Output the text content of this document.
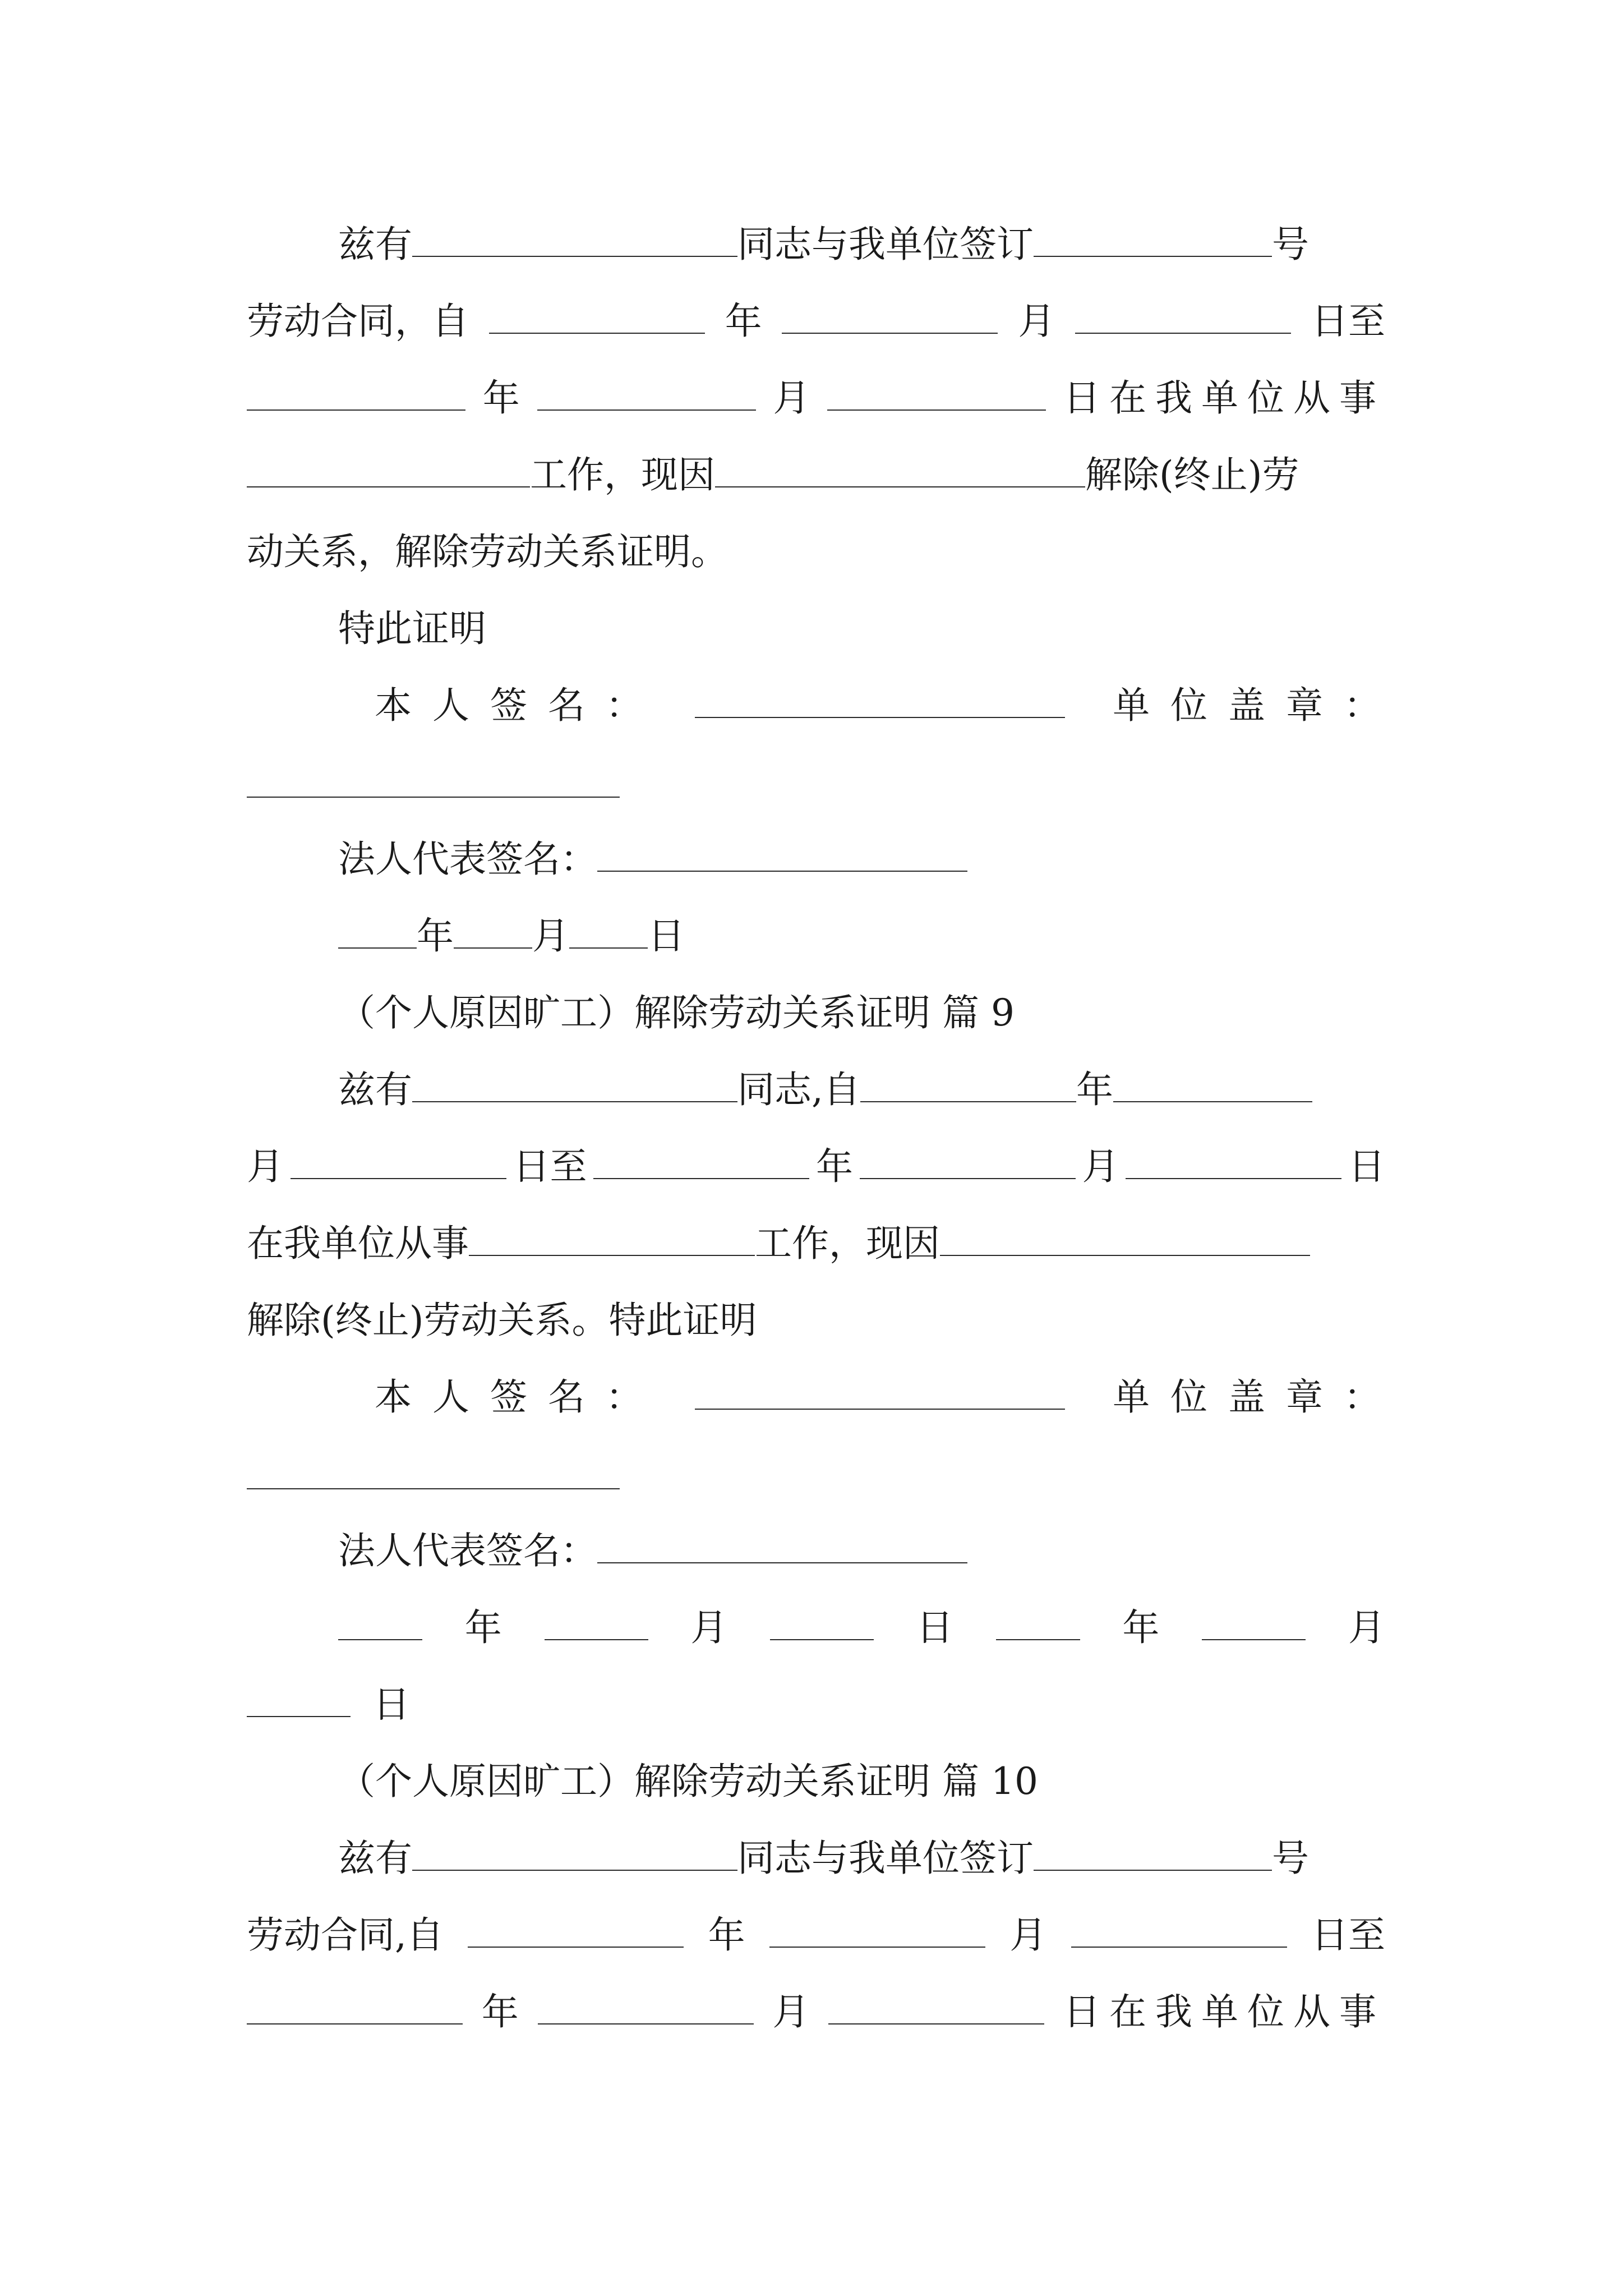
兹有	同志与我单位签订	号
劳动合同，自	年	月	日至
年	月	日在我单位从事
工作，现因	解除(终止)劳
动关系，解除劳动关系证明。
特此证明
本 人 签 名 ：	单 位 盖 章 ：
法人代表签名：
年 月 日
（个人原因旷工）解除劳动关系证明 篇 9
兹有	同志,自	年
月	日至	年	月	日
在我单位从事	工作，现因
解除(终止)劳动关系。特此证明
本 人 签 名 ：	单 位 盖 章 ：
法人代表签名：
年	月	日	年	月
日
（个人原因旷工）解除劳动关系证明 篇 10
兹有	同志与我单位签订	号
劳动合同,自	年	月	日至
年	月	日在我单位从事
